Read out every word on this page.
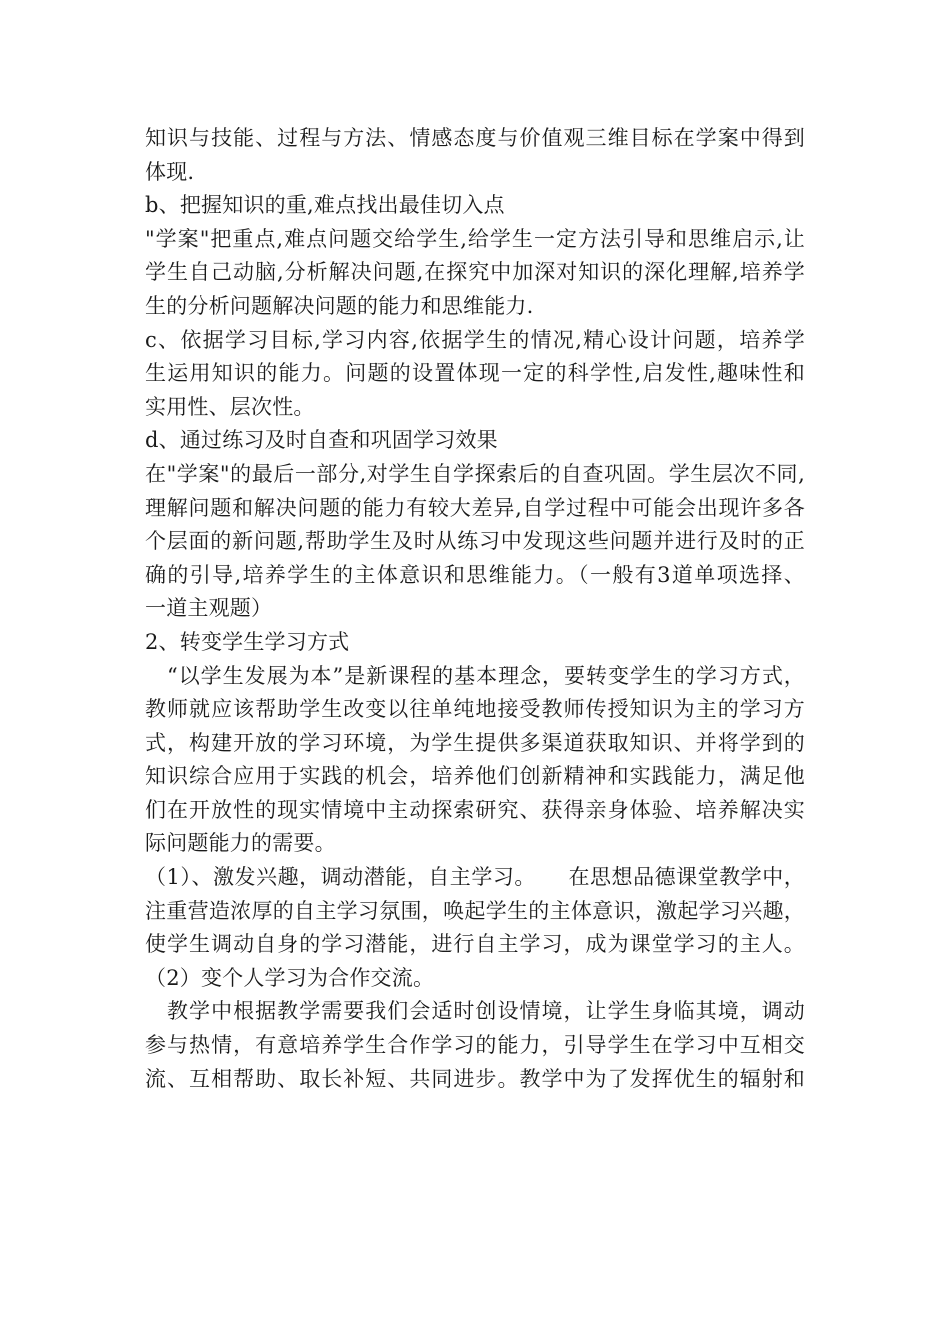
知识与技能、过程与方法、情感态度与价值观三维目标在学案中得到
体现.
b、把握知识的重,难点找出最佳切入点
"学案"把重点,难点问题交给学生,给学生一定方法引导和思维启示,让
学生自己动脑,分析解决问题,在探究中加深对知识的深化理解,培养学
生的分析问题解决问题的能力和思维能力.
c、依据学习目标,学习内容,依据学生的情况,精心设计问题，培养学
生运用知识的能力。问题的设置体现一定的科学性,启发性,趣味性和
实用性、层次性。
d、通过练习及时自查和巩固学习效果
在"学案"的最后一部分,对学生自学探索后的自查巩固。学生层次不同,
理解问题和解决问题的能力有较大差异,自学过程中可能会出现许多各
个层面的新问题,帮助学生及时从练习中发现这些问题并进行及时的正
确的引导,培养学生的主体意识和思维能力。（一般有3道单项选择、
一道主观题）
2、转变学生学习方式
　“以学生发展为本”是新课程的基本理念，要转变学生的学习方式，
教师就应该帮助学生改变以往单纯地接受教师传授知识为主的学习方
式，构建开放的学习环境，为学生提供多渠道获取知识、并将学到的
知识综合应用于实践的机会，培养他们创新精神和实践能力，满足他
们在开放性的现实情境中主动探索研究、获得亲身体验、培养解决实
际问题能力的需要。
（1）、激发兴趣，调动潜能，自主学习。　　在思想品德课堂教学中，
注重营造浓厚的自主学习氛围，唤起学生的主体意识，激起学习兴趣，
使学生调动自身的学习潜能，进行自主学习，成为课堂学习的主人。
（2）变个人学习为合作交流。
　教学中根据教学需要我们会适时创设情境，让学生身临其境，调动
参与热情，有意培养学生合作学习的能力，引导学生在学习中互相交
流、互相帮助、取长补短、共同进步。教学中为了发挥优生的辐射和
